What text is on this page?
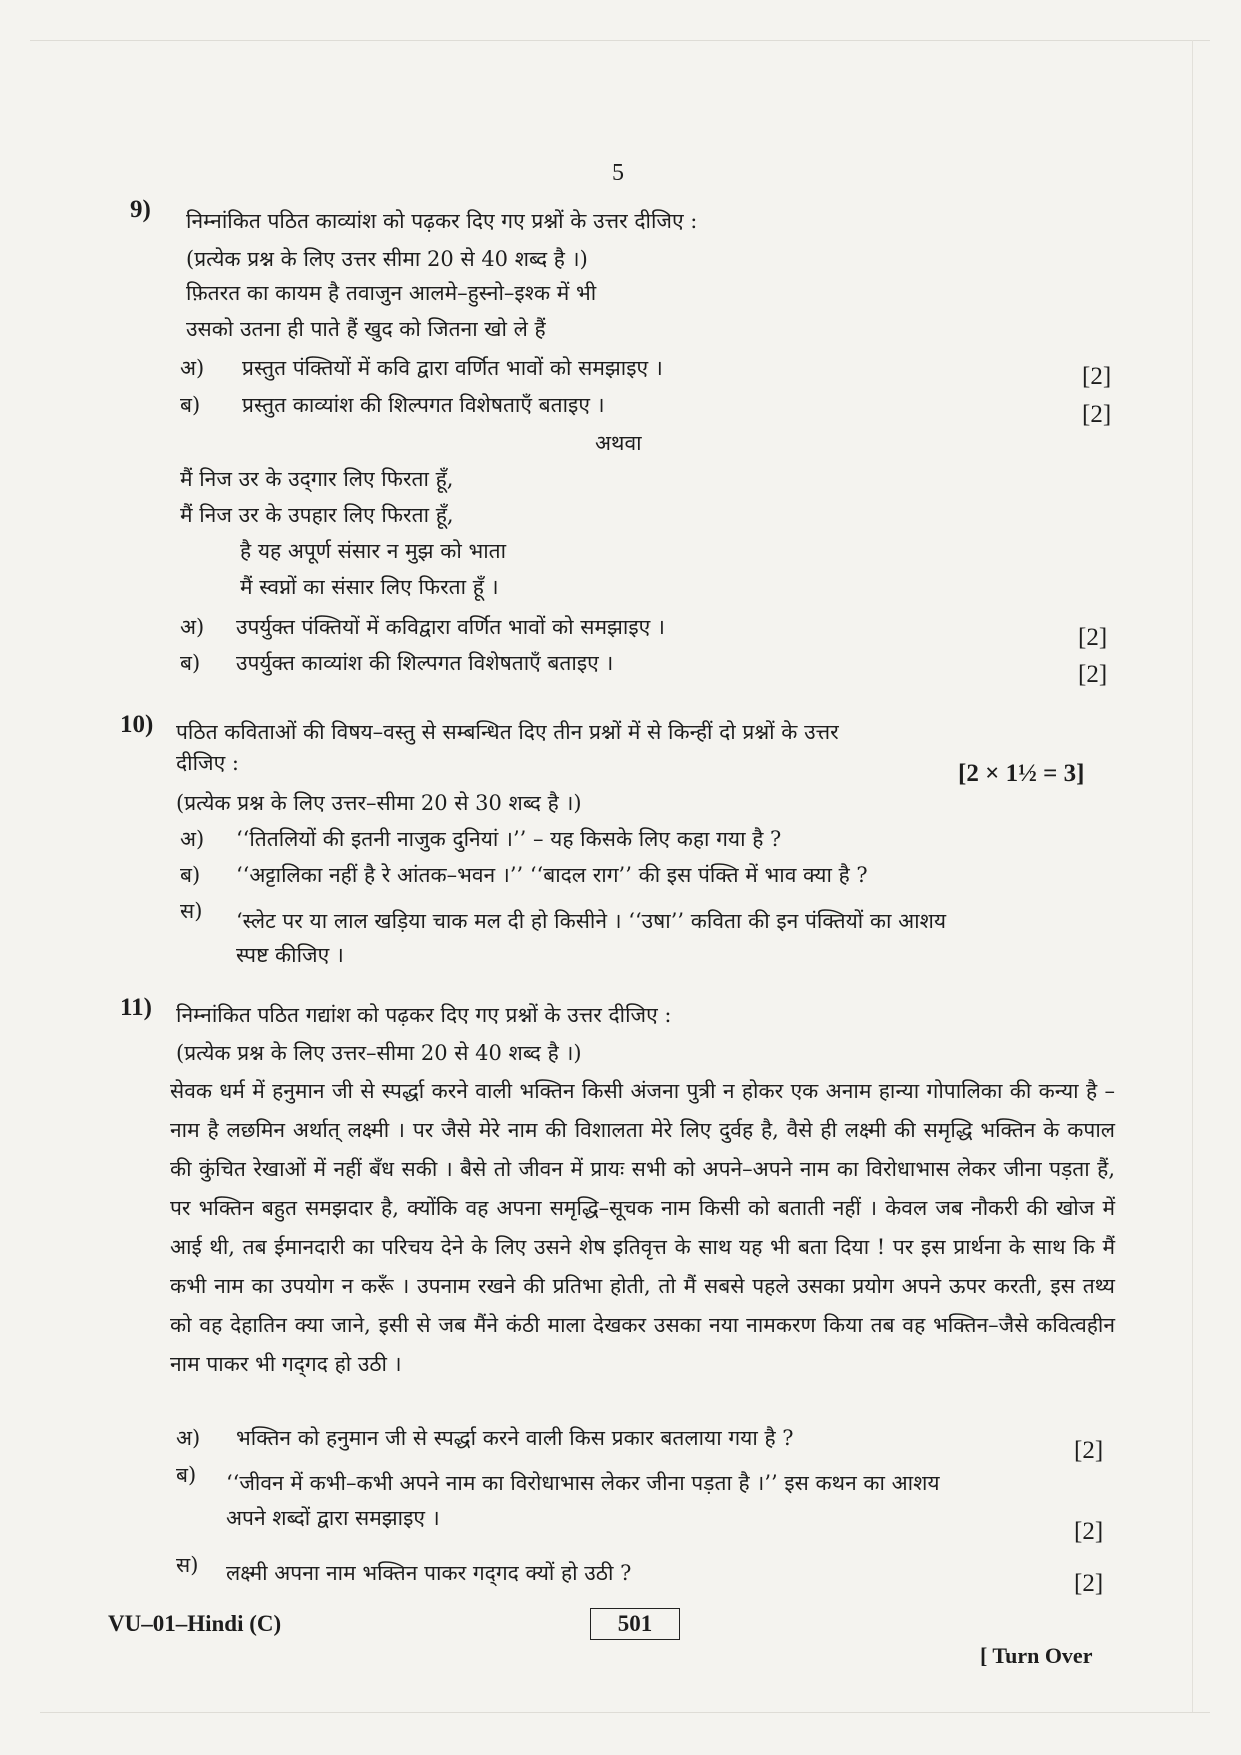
5
9) निम्नांकित पठित काव्यांश को पढ़कर दिए गए प्रश्नों के उत्तर दीजिए :
(प्रत्येक प्रश्न के लिए उत्तर सीमा 20 से 40 शब्द है ।)
फ़ितरत का कायम है तवाजुन आलमे–हुस्नो–इश्क में भी
उसको उतना ही पाते हैं खुद को जितना खो ले हैं
अ) प्रस्तुत पंक्तियों में कवि द्वारा वर्णित भावों को समझाइए ।	[2]
ब) प्रस्तुत काव्यांश की शिल्पगत विशेषताएँ बताइए ।	[2]
अथवा
मैं निज उर के उद्‌गार लिए फिरता हूँ,
मैं निज उर के उपहार लिए फिरता हूँ,
है यह अपूर्ण संसार न मुझ को भाता
मैं स्वप्नों का संसार लिए फिरता हूँ ।
अ) उपर्युक्त पंक्तियों में कविद्वारा वर्णित भावों को समझाइए ।	[2]
ब) उपर्युक्त काव्यांश की शिल्पगत विशेषताएँ बताइए ।	[2]
10) पठित कविताओं की विषय–वस्तु से सम्बन्धित दिए तीन प्रश्नों में से किन्हीं दो प्रश्नों के उत्तर
दीजिए :	[2 × 1½ = 3]
(प्रत्येक प्रश्न के लिए उत्तर–सीमा 20 से 30 शब्द है ।)
अ) ‘‘तितलियों की इतनी नाजुक दुनियां ।’’ – यह किसके लिए कहा गया है ?
ब) ‘‘अट्टालिका नहीं है रे आंतक–भवन ।’’ ‘‘बादल राग’’ की इस पंक्ति में भाव क्या है ?
स) ‘स्लेट पर या लाल खड़िया चाक मल दी हो किसीने । ‘‘उषा’’ कविता की इन पंक्तियों का आशय
स्पष्ट कीजिए ।
11) निम्नांकित पठित गद्यांश को पढ़कर दिए गए प्रश्नों के उत्तर दीजिए :
(प्रत्येक प्रश्न के लिए उत्तर–सीमा 20 से 40 शब्द है ।)
सेवक धर्म में हनुमान जी से स्पर्द्धा करने वाली भक्तिन किसी अंजना पुत्री न होकर एक अनाम हान्या गोपालिका की कन्या है – नाम है लछमिन अर्थात् लक्ष्मी । पर जैसे मेरे नाम की विशालता मेरे लिए दुर्वह है, वैसे ही लक्ष्मी की समृद्धि भक्तिन के कपाल की कुंचित रेखाओं में नहीं बँध सकी । बैसे तो जीवन में प्रायः सभी को अपने–अपने नाम का विरोधाभास लेकर जीना पड़ता हैं, पर भक्तिन बहुत समझदार है, क्योंकि वह अपना समृद्धि–सूचक नाम किसी को बताती नहीं । केवल जब नौकरी की खोज में आई थी, तब ईमानदारी का परिचय देने के लिए उसने शेष इतिवृत्त के साथ यह भी बता दिया ! पर इस प्रार्थना के साथ कि मैं कभी नाम का उपयोग न करूँ । उपनाम रखने की प्रतिभा होती, तो मैं सबसे पहले उसका प्रयोग अपने ऊपर करती, इस तथ्य को वह देहातिन क्या जाने, इसी से जब मैंने कंठी माला देखकर उसका नया नामकरण किया तब वह भक्तिन–जैसे कवित्वहीन नाम पाकर भी गद्‌गद हो उठी ।
अ) भक्तिन को हनुमान जी से स्पर्द्धा करने वाली किस प्रकार बतलाया गया है ?	[2]
ब) ‘‘जीवन में कभी–कभी अपने नाम का विरोधाभास लेकर जीना पड़ता है ।’’ इस कथन का आशय
अपने शब्दों द्वारा समझाइए ।	[2]
स) लक्ष्मी अपना नाम भक्तिन पाकर गद्‌गद क्यों हो उठी ?	[2]
VU–01–Hindi (C)	501
[ Turn Over
